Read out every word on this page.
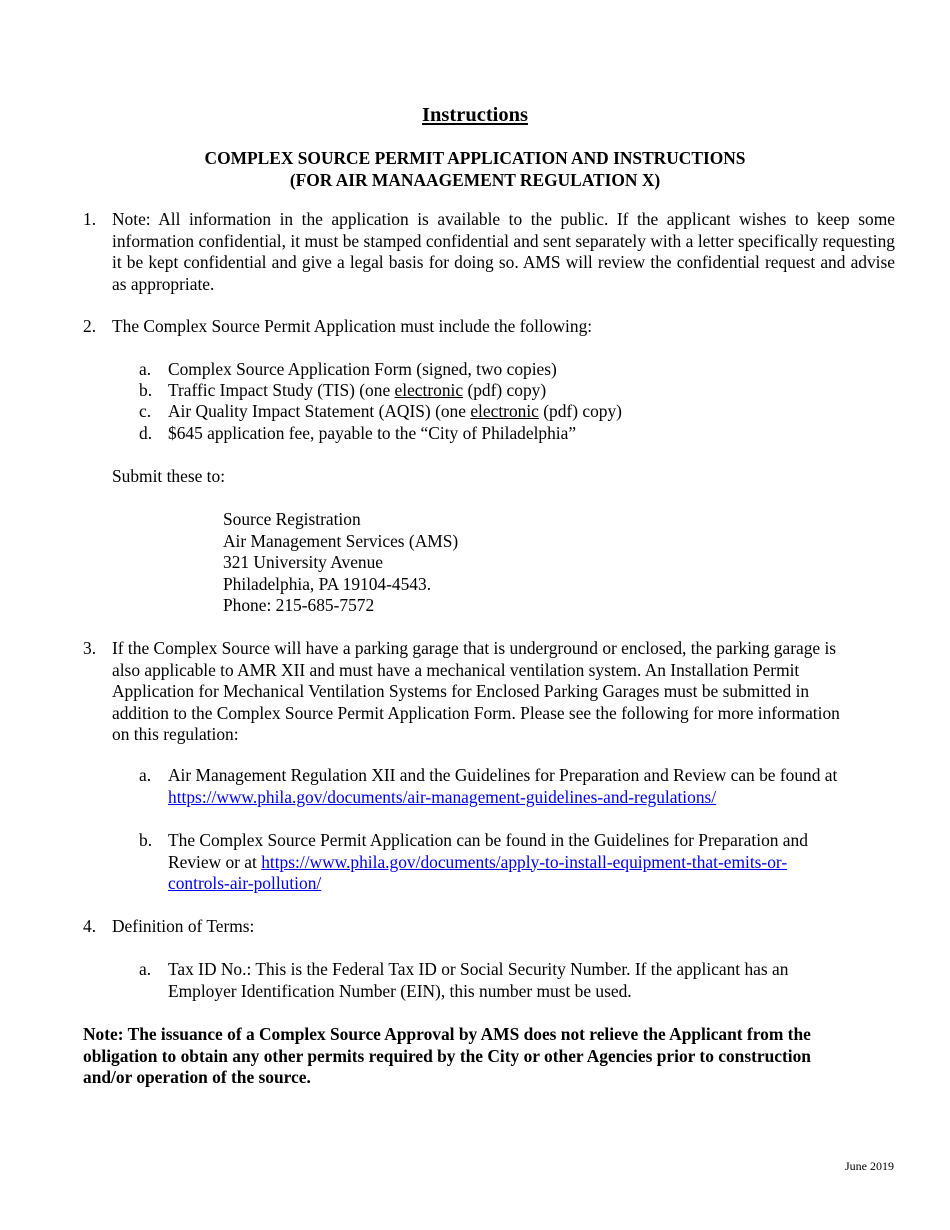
Instructions
COMPLEX SOURCE PERMIT APPLICATION AND INSTRUCTIONS
(FOR AIR MANAAGEMENT REGULATION X)
1. Note: All information in the application is available to the public. If the applicant wishes to keep some information confidential, it must be stamped confidential and sent separately with a letter specifically requesting it be kept confidential and give a legal basis for doing so. AMS will review the confidential request and advise as appropriate.
2. The Complex Source Permit Application must include the following:
a. Complex Source Application Form (signed, two copies)
b. Traffic Impact Study (TIS) (one electronic (pdf) copy)
c. Air Quality Impact Statement (AQIS) (one electronic (pdf) copy)
d. $645 application fee, payable to the “City of Philadelphia”
Submit these to:
Source Registration
Air Management Services (AMS)
321 University Avenue
Philadelphia, PA 19104-4543.
Phone: 215-685-7572
3. If the Complex Source will have a parking garage that is underground or enclosed, the parking garage is
also applicable to AMR XII and must have a mechanical ventilation system. An Installation Permit
Application for Mechanical Ventilation Systems for Enclosed Parking Garages must be submitted in
addition to the Complex Source Permit Application Form. Please see the following for more information
on this regulation:
a. Air Management Regulation XII and the Guidelines for Preparation and Review can be found at
https://www.phila.gov/documents/air-management-guidelines-and-regulations/
b. The Complex Source Permit Application can be found in the Guidelines for Preparation and
Review or at https://www.phila.gov/documents/apply-to-install-equipment-that-emits-or-
controls-air-pollution/
4. Definition of Terms:
a. Tax ID No.: This is the Federal Tax ID or Social Security Number. If the applicant has an
Employer Identification Number (EIN), this number must be used.
Note: The issuance of a Complex Source Approval by AMS does not relieve the Applicant from the
obligation to obtain any other permits required by the City or other Agencies prior to construction
and/or operation of the source.
June 2019
